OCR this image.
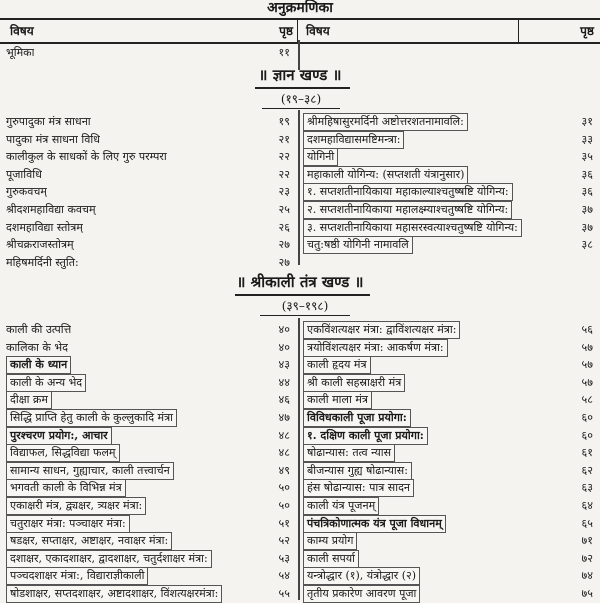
अनुक्रमणिका
विषय	पृष्ठ	विषय	पृष्ठ
भूमिका	११
॥ ज्ञान खण्ड ॥
(१९–३८)
गुरुपादुका मंत्र साधना	१९
पादुका मंत्र साधना विधि	२१
कालीकुल के साधकों के लिए गुरु परम्परा	२२
पूजाविधि	२२
गुरुकवचम्	२३
श्रीदशमहाविद्या कवचम्	२५
दशमहाविद्या स्तोत्रम्	२६
श्रीचक्रराजस्तोत्रम्	२७
महिषमर्दिनी स्तुति:	२७
श्रीमहिषासुरमर्दिनी अष्टोत्तरशतनामावलि:	३१
दशमहाविद्यासमष्टिमन्त्रा:	३३
योगिनी	३५
महाकाली योगिन्य: (सप्तशती यंत्रानुसार)	३६
१. सप्तशतीनायिकाया महाकाल्याश्चतुष्षष्टि योगिन्य:	३६
२. सप्तशतीनायिकाया महालक्ष्म्याश्चतुष्षष्टि योगिन्य:	३७
३. सप्तशतीनायिकाया महासरस्वत्याश्चतुष्षष्टि योगिन्य:	३७
चतु:षष्ठी योगिनी नामावलि	३८
॥ श्रीकाली तंत्र खण्ड ॥
(३९–१९८)
काली की उत्पत्ति	४०
कालिका के भेद	४०
काली के ध्यान	४३
काली के अन्य भेद	४४
दीक्षा क्रम	४६
सिद्धि प्राप्ति हेतु काली के कुल्लुकादि मंत्रा	४७
पुरश्चरण प्रयोग:, आचार	४८
विद्याफल, सिद्धविद्या फलम्	४८
सामान्य साधन, गुह्याचार, काली तत्त्वार्चन	४९
भगवती काली के विभिन्न मंत्र	५०
एकाक्षरी मंत्र, द्व्यक्षर, त्र्यक्षर मंत्रा:	५०
चतुराक्षर मंत्रा: पञ्चाक्षर मंत्रा:	५१
षडक्षर, सप्ताक्षर, अष्टाक्षर, नवाक्षर मंत्रा:	५२
दशाक्षर, एकादशाक्षर, द्वादशाक्षर, चतुर्दशाक्षर मंत्रा:	५३
पञ्चदशाक्षर मंत्रा:, विद्याराज्ञीकाली	५४
षोडशाक्षर, सप्तदशाक्षर, अष्टादशाक्षर, विंशत्यक्षरमंत्रा:	५५
एकविंशत्यक्षर मंत्रा: द्वाविंशत्यक्षर मंत्रा:	५६
त्रयोविंशत्यक्षर मंत्रा: आकर्षण मंत्रा:	५७
काली हृदय मंत्र	५७
श्री काली सहस्राक्षरी मंत्र	५७
काली माला मंत्र	५८
विविधकाली पूजा प्रयोगा:	६०
१. दक्षिण काली पूजा प्रयोगा:	६०
षोढान्यास: तत्व न्यास	६१
बीजन्यास गुह्य षोढान्यास:	६२
हंस षोढान्यास: पात्र सादन	६३
काली यंत्र पूजनम्	६४
पंचत्रिकोणात्मक यंत्र पूजा विधानम्	६५
काम्य प्रयोग	७१
काली सपर्या	७२
यन्त्रोद्धार (१), यंत्रोद्धार (२)	७४
तृतीय प्रकारेण आवरण पूजा	७५
